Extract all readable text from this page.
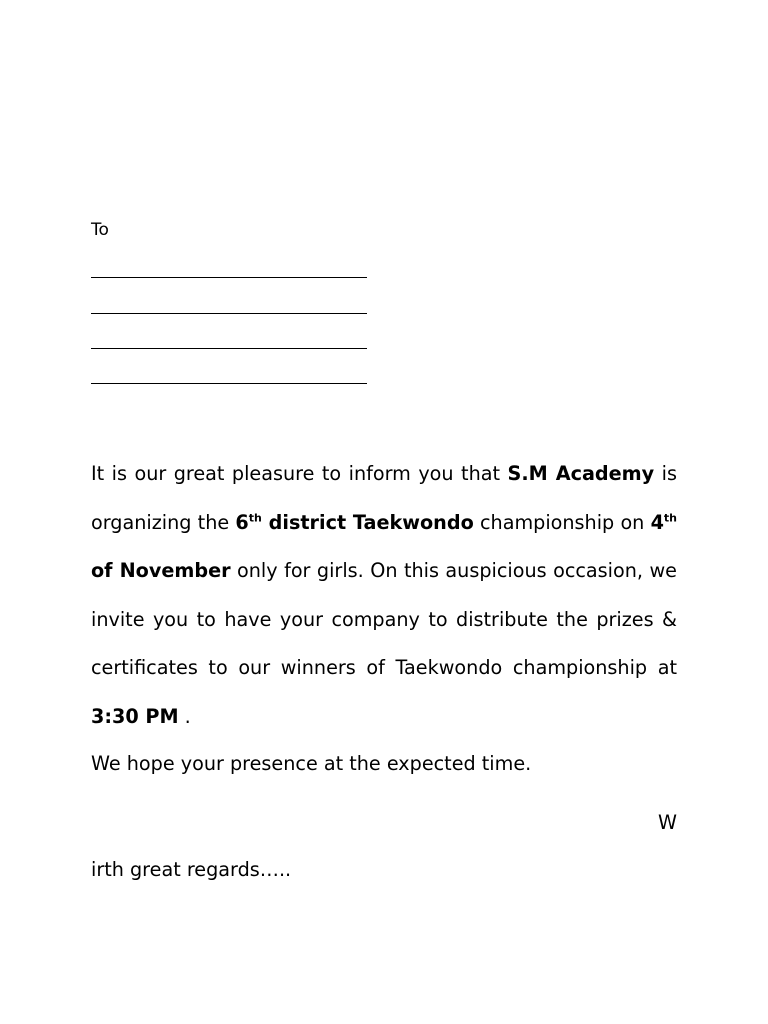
To

It is our great pleasure to inform you that S.M Academy is organizing the 6th district Taekwondo championship on 4th of November only for girls. On this auspicious occasion, we invite you to have your company to distribute the prizes & certificates to our winners of Taekwondo championship at 3:30 PM .

We hope your presence at the expected time.
W
irth great regards…..
